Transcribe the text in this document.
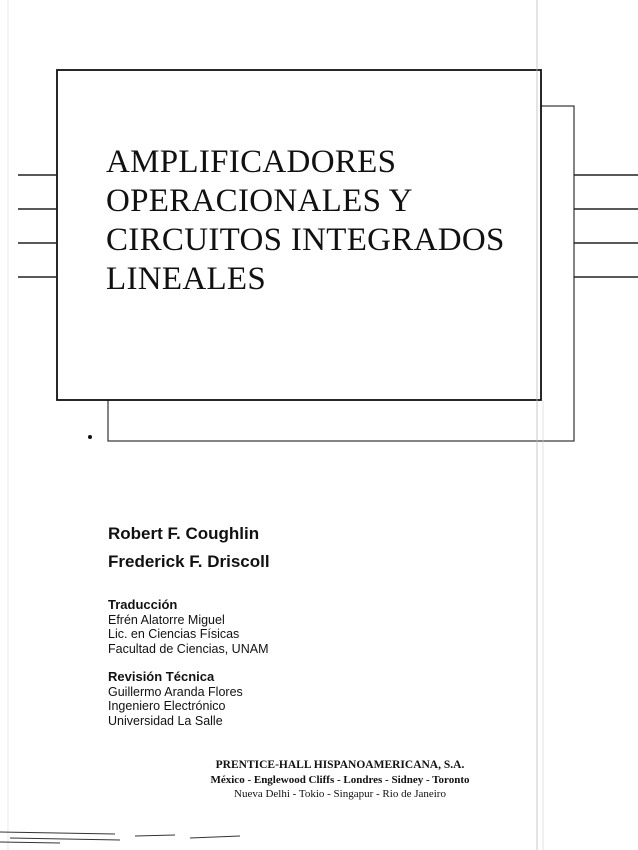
AMPLIFICADORES
OPERACIONALES Y
CIRCUITOS INTEGRADOS
LINEALES
Robert F. Coughlin
Frederick F. Driscoll
Traducción
Efrén Alatorre Miguel
Lic. en Ciencias Físicas
Facultad de Ciencias, UNAM
Revisión Técnica
Guillermo Aranda Flores
Ingeniero Electrónico
Universidad La Salle
PRENTICE-HALL HISPANOAMERICANA, S.A.
México - Englewood Cliffs - Londres - Sidney - Toronto
Nueva Delhi - Tokio - Singapur - Rio de Janeiro
